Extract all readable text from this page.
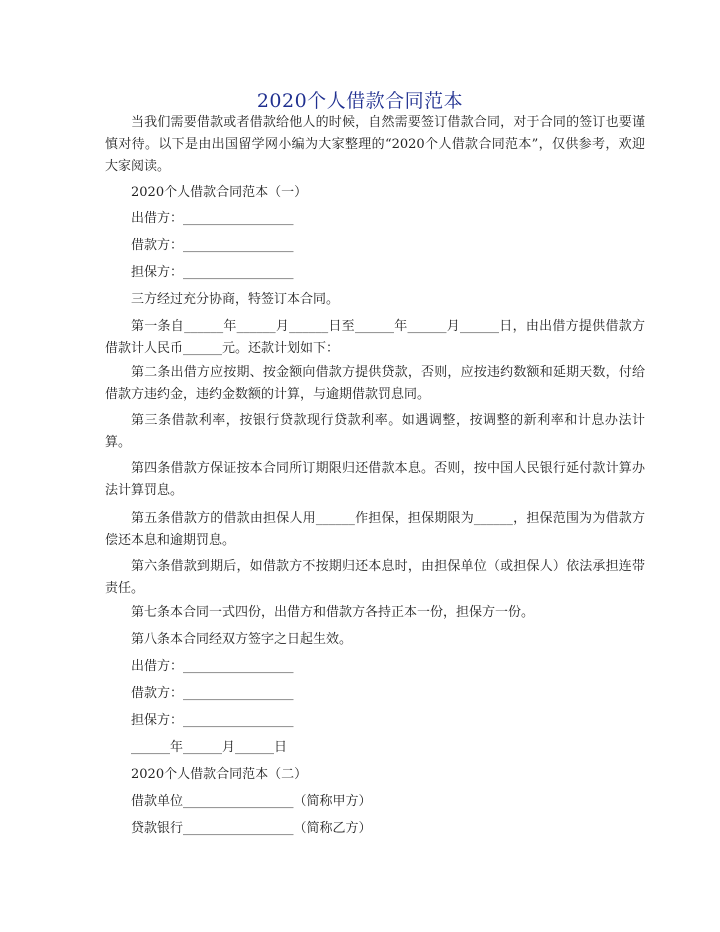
2020个人借款合同范本

当我们需要借款或者借款给他人的时候，自然需要签订借款合同，对于合同的签订也要谨慎对待。以下是由出国留学网小编为大家整理的“2020个人借款合同范本”，仅供参考，欢迎大家阅读。

2020个人借款合同范本（一）

出借方：_________________

借款方：_________________

担保方：_________________

三方经过充分协商，特签订本合同。

第一条自______年______月______日至______年______月______日，由出借方提供借款方借款计人民币______元。还款计划如下：

第二条出借方应按期、按金额向借款方提供贷款，否则，应按违约数额和延期天数，付给借款方违约金，违约金数额的计算，与逾期借款罚息同。

第三条借款利率，按银行贷款现行贷款利率。如遇调整，按调整的新利率和计息办法计算。

第四条借款方保证按本合同所订期限归还借款本息。否则，按中国人民银行延付款计算办法计算罚息。

第五条借款方的借款由担保人用______作担保，担保期限为______，担保范围为为借款方偿还本息和逾期罚息。

第六条借款到期后，如借款方不按期归还本息时，由担保单位（或担保人）依法承担连带责任。

第七条本合同一式四份，出借方和借款方各持正本一份，担保方一份。

第八条本合同经双方签字之日起生效。

出借方：_________________

借款方：_________________

担保方：_________________

______年______月______日

2020个人借款合同范本（二）

借款单位_________________（简称甲方）

贷款银行_________________（简称乙方）
